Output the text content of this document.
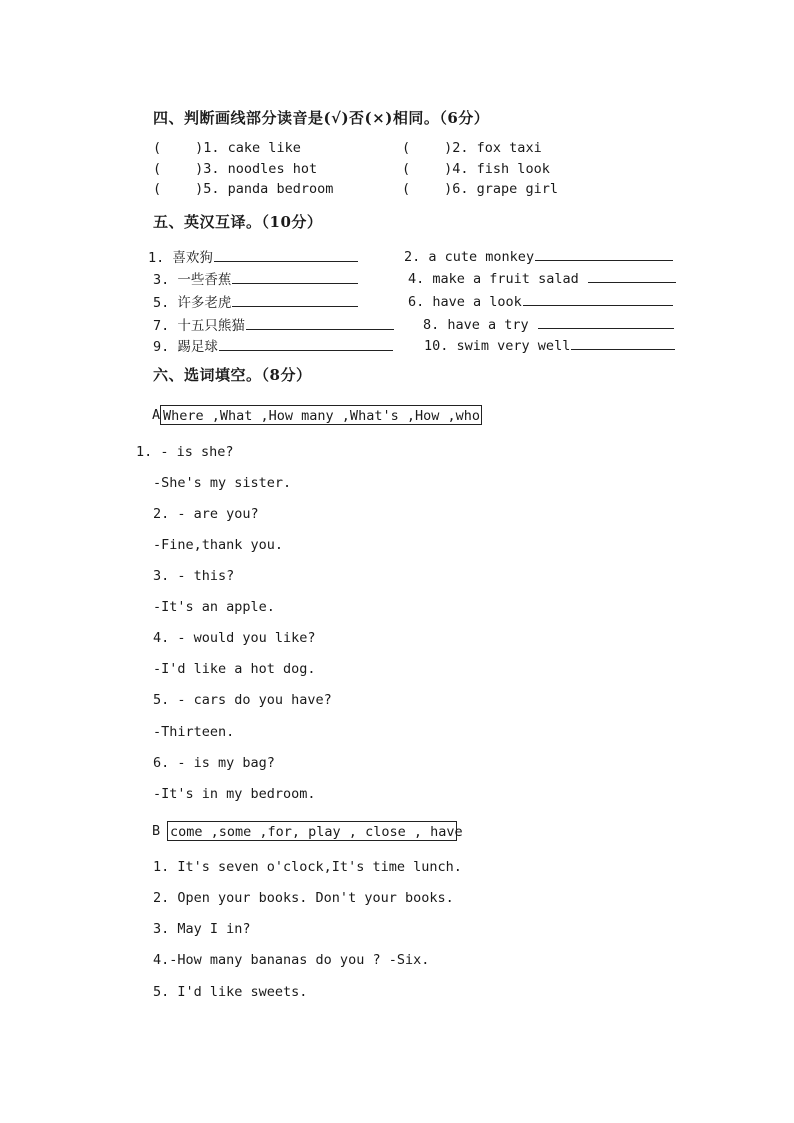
四、判断画线部分读音是(√)否(×)相同。（6分）
(	)1. cake like	(	)2. fox taxi
(	)3. noodles hot	(	)4. fish look
(	)5. panda bedroom	(	)6. grape girl
五、英汉互译。（10分）
1. 喜欢狗	2. a cute monkey
3. 一些香蕉	4. make a fruit salad
5. 许多老虎	6. have a look
7. 十五只熊猫	8. have a try
9. 踢足球	10. swim very well
六、选词填空。（8分）
A Where ,What ,How many ,What's ,How ,who
1. - is she?
-She's my sister.
2. - are you?
-Fine,thank you.
3. - this?
-It's an apple.
4. - would you like?
-I'd like a hot dog.
5. - cars do you have?
-Thirteen.
6. - is my bag?
-It's in my bedroom.
B come ,some ,for, play , close , have
1. It's seven o'clock,It's time lunch.
2. Open your books. Don't your books.
3. May I in?
4.-How many bananas do you ? -Six.
5. I'd like sweets.
